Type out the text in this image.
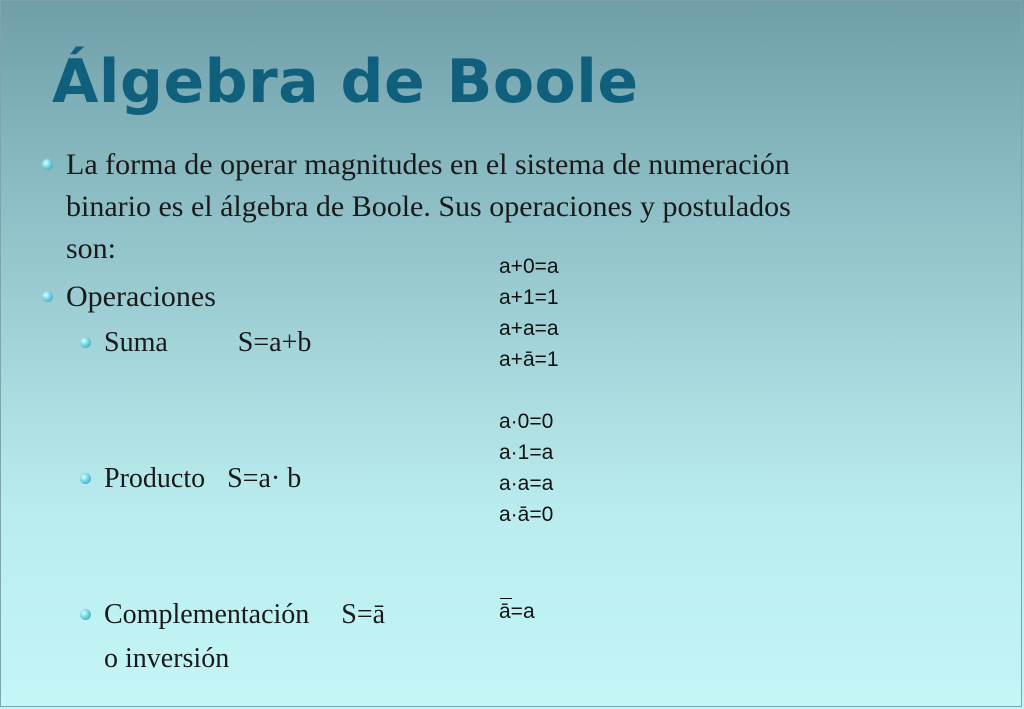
Álgebra de Boole
La forma de operar magnitudes en el sistema de numeración
binario es el álgebra de Boole. Sus operaciones y postulados
son:
Operaciones
Suma	S=a+b
Producto S=a· b
Complementación S=ā
o inversión
a+0=a
a+1=1
a+a=a
a+ā=1
a·0=0
a·1=a
a·a=a
a·ā=0
ā=a
